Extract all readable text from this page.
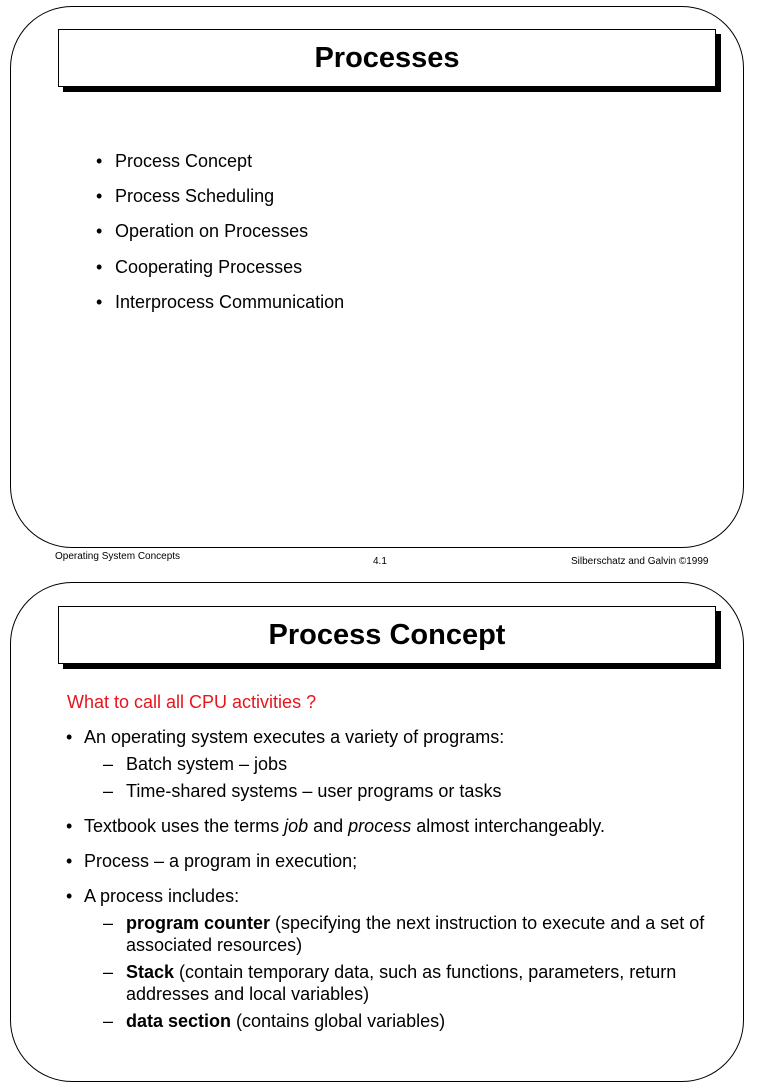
Processes
• Process Concept
• Process Scheduling
• Operation on Processes
• Cooperating Processes
• Interprocess Communication
Operating System Concepts	4.1	Silberschatz and Galvin ©1999
Process Concept
What to call all CPU activities ?
• An operating system executes a variety of programs:
– Batch system – jobs
– Time-shared systems – user programs or tasks
• Textbook uses the terms job and process almost interchangeably.
• Process – a program in execution;
• A process includes:
– program counter (specifying the next instruction to execute and a set of associated resources)
– Stack (contain temporary data, such as functions, parameters, return addresses and local variables)
– data section (contains global variables)
